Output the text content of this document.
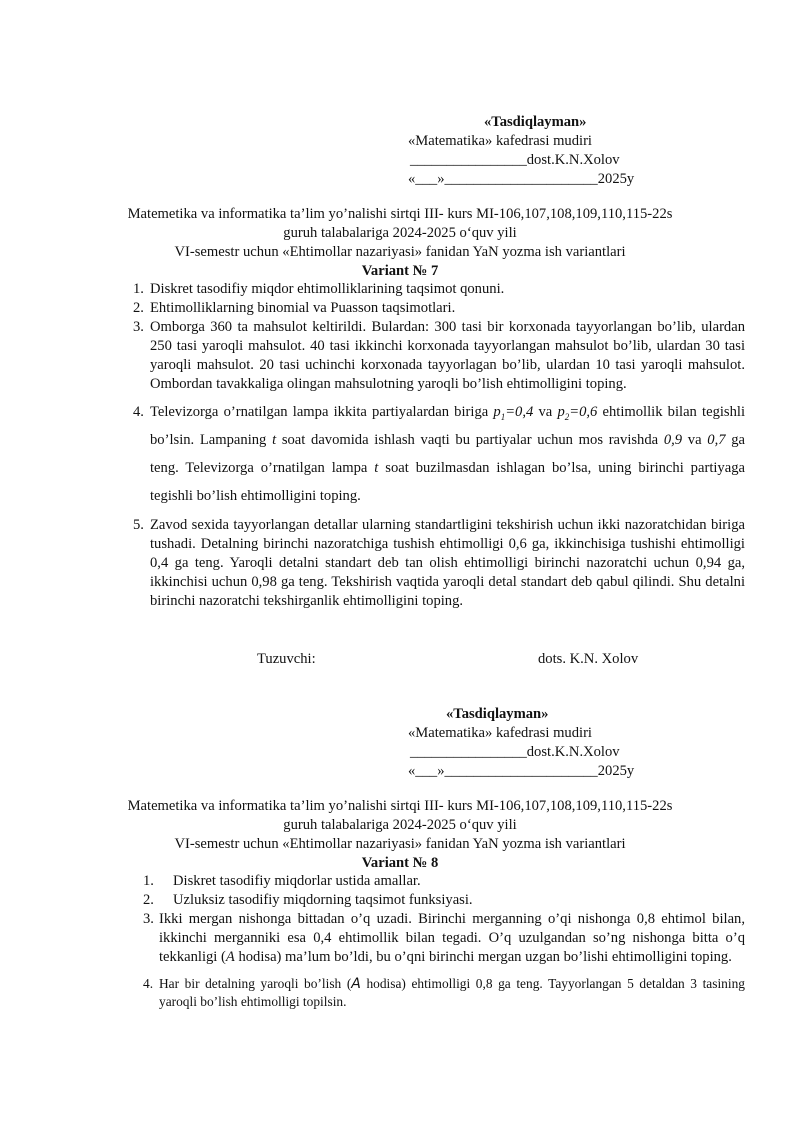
«Tasdiqlayman»
«Matematika» kafedrasi mudiri
________________dost.K.N.Xolov
«___»_____________________2025y
Matemetika va informatika ta’lim yo’nalishi sirtqi III- kurs MI-106,107,108,109,110,115-22s
guruh talabalariga 2024-2025 oʻquv yili
VI-semestr uchun «Ehtimollar nazariyasi» fanidan YaN yozma ish variantlari
Variant № 7
1. Diskret tasodifiy miqdor ehtimolliklarining taqsimot qonuni.
2. Ehtimolliklarning binomial va Puasson taqsimotlari.
3. Omborga 360 ta mahsulot keltirildi. Bulardan: 300 tasi bir korxonada tayyorlangan bo’lib, ulardan 250 tasi yaroqli mahsulot. 40 tasi ikkinchi korxonada tayyorlangan mahsulot bo’lib, ulardan 30 tasi yaroqli mahsulot. 20 tasi uchinchi korxonada tayyorlagan bo’lib, ulardan 10 tasi yaroqli mahsulot. Ombordan tavakkaliga olingan mahsulotning yaroqli bo’lish ehtimolligini toping.
4. Televizorga o’rnatilgan lampa ikkita partiyalardan biriga $p_1=0,4$ va $p_2=0,6$ ehtimollik bilan tegishli bo’lsin. Lampaning t soat davomida ishlash vaqti bu partiyalar uchun mos ravishda 0,9 va 0,7 ga teng. Televizorga o’rnatilgan lampa t soat buzilmasdan ishlagan bo’lsa, uning birinchi partiyaga tegishli bo’lish ehtimolligini toping.
5. Zavod sexida tayyorlangan detallar ularning standartligini tekshirish uchun ikki nazoratchidan biriga tushadi. Detalning birinchi nazoratchiga tushish ehtimolligi 0,6 ga, ikkinchisiga tushishi ehtimolligi 0,4 ga teng. Yaroqli detalni standart deb tan olish ehtimolligi birinchi nazoratchi uchun 0,94 ga, ikkinchisi uchun 0,98 ga teng. Tekshirish vaqtida yaroqli detal standart deb qabul qilindi. Shu detalni birinchi nazoratchi tekshirganlik ehtimolligini toping.
Tuzuvchi:	dots. K.N. Xolov
«Tasdiqlayman»
«Matematika» kafedrasi mudiri
________________dost.K.N.Xolov
«___»_____________________2025y
Matemetika va informatika ta’lim yo’nalishi sirtqi III- kurs MI-106,107,108,109,110,115-22s
guruh talabalariga 2024-2025 oʻquv yili
VI-semestr uchun «Ehtimollar nazariyasi» fanidan YaN yozma ish variantlari
Variant № 8
1.	Diskret tasodifiy miqdorlar ustida amallar.
2.	Uzluksiz tasodifiy miqdorning taqsimot funksiyasi.
3. Ikki mergan nishonga bittadan o’q uzadi. Birinchi merganning o’qi nishonga 0,8 ehtimol bilan, ikkinchi merganniki esa 0,4 ehtimollik bilan tegadi. O’q uzulgandan so’ng nishonga bitta o’q tekkanligi (A hodisa) ma’lum bo’ldi, bu o’qni birinchi mergan uzgan bo’lishi ehtimolligini toping.
4. Har bir detalning yaroqli bo’lish (A hodisa) ehtimolligi 0,8 ga teng. Tayyorlangan 5 detaldan 3 tasining yaroqli bo’lish ehtimolligi topilsin.
